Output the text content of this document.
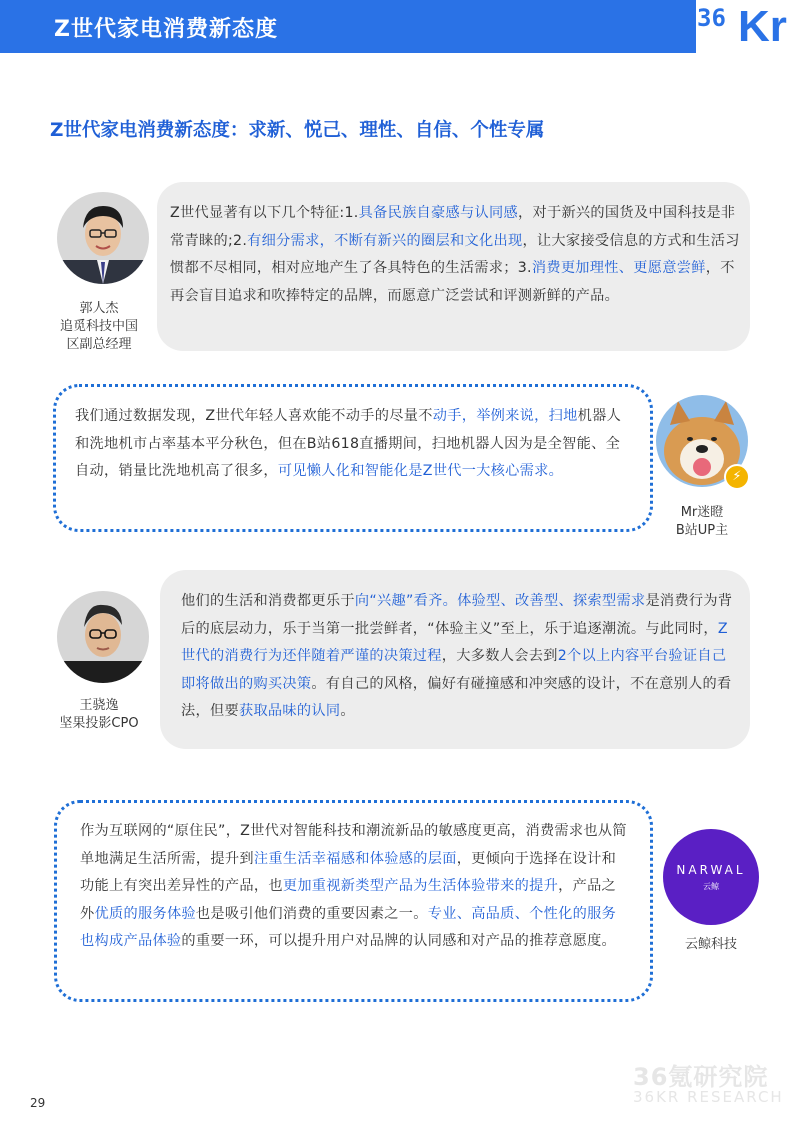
Z世代家电消费新态度	36 Kr
Z世代家电消费新态度：求新、悦己、理性、自信、个性专属
郭人杰
追觅科技中国
区副总经理
Z世代显著有以下几个特征:1.具备民族自豪感与认同感，对于新兴的国货及中国科技是非常青睐的;2.有细分需求，不断有新兴的圈层和文化出现，让大家接受信息的方式和生活习惯都不尽相同，相对应地产生了各具特色的生活需求；3.消费更加理性、更愿意尝鲜，不再会盲目追求和吹捧特定的品牌，而愿意广泛尝试和评测新鲜的产品。
我们通过数据发现，Z世代年轻人喜欢能不动手的尽量不动手，举例来说，扫地机器人和洗地机市占率基本平分秋色，但在B站618直播期间，扫地机器人因为是全智能、全自动，销量比洗地机高了很多，可见懒人化和智能化是Z世代一大核心需求。	⚡
Mr迷瞪
B站UP主
王骁逸
坚果投影CPO
他们的生活和消费都更乐于向“兴趣”看齐。体验型、改善型、探索型需求是消费行为背后的底层动力，乐于当第一批尝鲜者，“体验主义”至上，乐于追逐潮流。与此同时，Z世代的消费行为还伴随着严谨的决策过程，大多数人会去到2个以上内容平台验证自己即将做出的购买决策。有自己的风格，偏好有碰撞感和冲突感的设计，不在意别人的看法，但要获取品味的认同。
作为互联网的“原住民”，Z世代对智能科技和潮流新品的敏感度更高，消费需求也从简单地满足生活所需，提升到注重生活幸福感和体验感的层面，更倾向于选择在设计和功能上有突出差异性的产品，也更加重视新类型产品为生活体验带来的提升，产品之外优质的服务体验也是吸引他们消费的重要因素之一。专业、高品质、个性化的服务也构成产品体验的重要一环，可以提升用户对品牌的认同感和对产品的推荐意愿度。
NARWAL
云鲸
云鲸科技
29
36氪研究院
36KR RESEARCH
